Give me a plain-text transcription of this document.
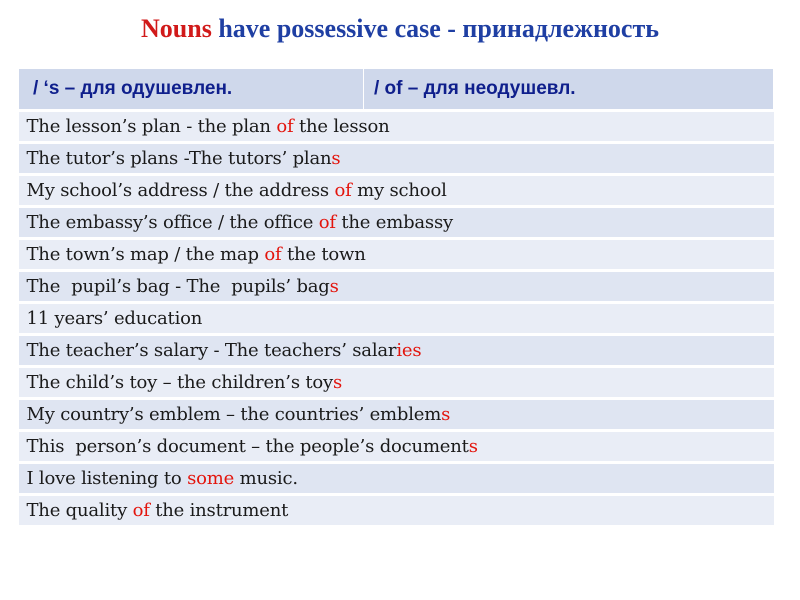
Nouns have possessive case - принадлежность
/ ‘s – для одушевлен.	/ of – для неодушевл.
The lesson’s plan - the plan of the lesson
The tutor’s plans -The tutors’ plans
My school’s address / the address of my school
The embassy’s office / the office of the embassy
The town’s map / the map of the town
The  pupil’s bag - The  pupils’ bags
11 years’ education
The teacher’s salary - The teachers’ salaries
The child’s toy – the children’s toys
My country’s emblem – the countries’ emblems
This  person’s document – the people’s documents
I love listening to some music.
The quality of the instrument
